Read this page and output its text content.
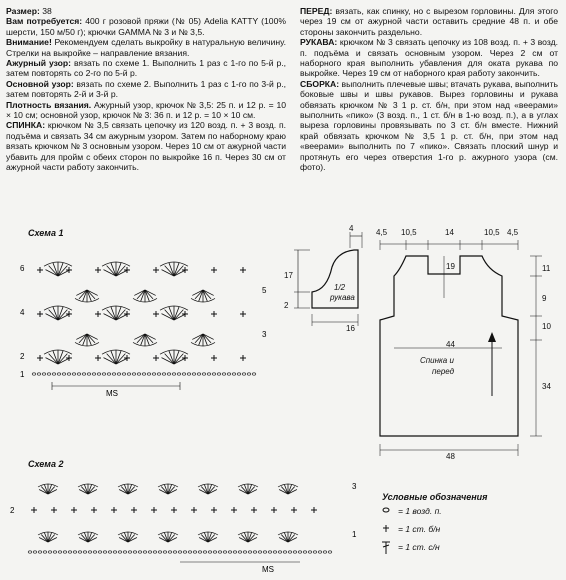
Размер: 38

Вам потребуется: 400 г розовой пряжи (№ 05) Adelia KATTY (100% шерсти, 150 м/50 г); крючки GAMMA № 3 и № 3,5.

Внимание! Рекомендуем сделать выкройку в натуральную величину. Стрелки на выкройке – направление вязания.

Ажурный узор: вязать по схеме 1. Выполнить 1 раз с 1-го по 5-й р., затем повторять со 2-го по 5-й р.

Основной узор: вязать по схеме 2. Выполнить 1 раз с 1-го по 3-й р., затем повторять 2-й и 3-й р.

Плотность вязания. Ажурный узор, крючок № 3,5: 25 п. и 12 р. = 10 × 10 см; основной узор, крючок № 3: 36 п. и 12 р. = 10 × 10 см.

СПИНКА: крючком № 3,5 связать цепочку из 120 возд. п. + 3 возд. п. подъёма и связать 34 см ажурным узором. Затем по наборному краю вязать крючком № 3 основным узором. Через 10 см от ажурной части убавить для пройм с обеих сторон по выкройке 16 п. Через 30 см от ажурной части работу закончить.

ПЕРЕД: вязать, как спинку, но с вырезом горловины. Для этого через 19 см от ажурной части оставить средние 48 п. и обе стороны закончить раздельно.

РУКАВА: крючком № 3 связать цепочку из 108 возд. п. + 3 возд. п. подъёма и связать основным узором. Через 2 см от наборного края выполнить убавления для оката рукава по выкройке. Через 19 см от наборного края работу закончить.

СБОРКА: выполнить плечевые швы; втачать рукава, выполнить боковые швы и швы рукавов. Вырез горловины и рукава обвязать крючком № 3 1 р. ст. б/н, при этом над «веерами» выполнить «пико» (3 возд. п., 1 ст. б/н в 1-ю возд. п.), а в углах выреза горловины провязывать по 3 ст. б/н вместе. Нижний край обвязать крючком № 3,5 1 р. ст. б/н, при этом над «веерами» выполнить по 7 «пико». Связать плоский шнур и протянуть его через отверстия 1-го р. ажурного узора (см. фото).

Схема 1
6
5
4
3
2
1
MS
Схема 2
3
2
1
MS
4
17
2
16
1/2
рукава
4,5 10,5	14	10,5 4,5
11
9
10
34
19
44
48
Спинка и
перед
Условные обозначения
= 1 возд. п.
= 1 ст. б/н
= 1 ст. с/н
